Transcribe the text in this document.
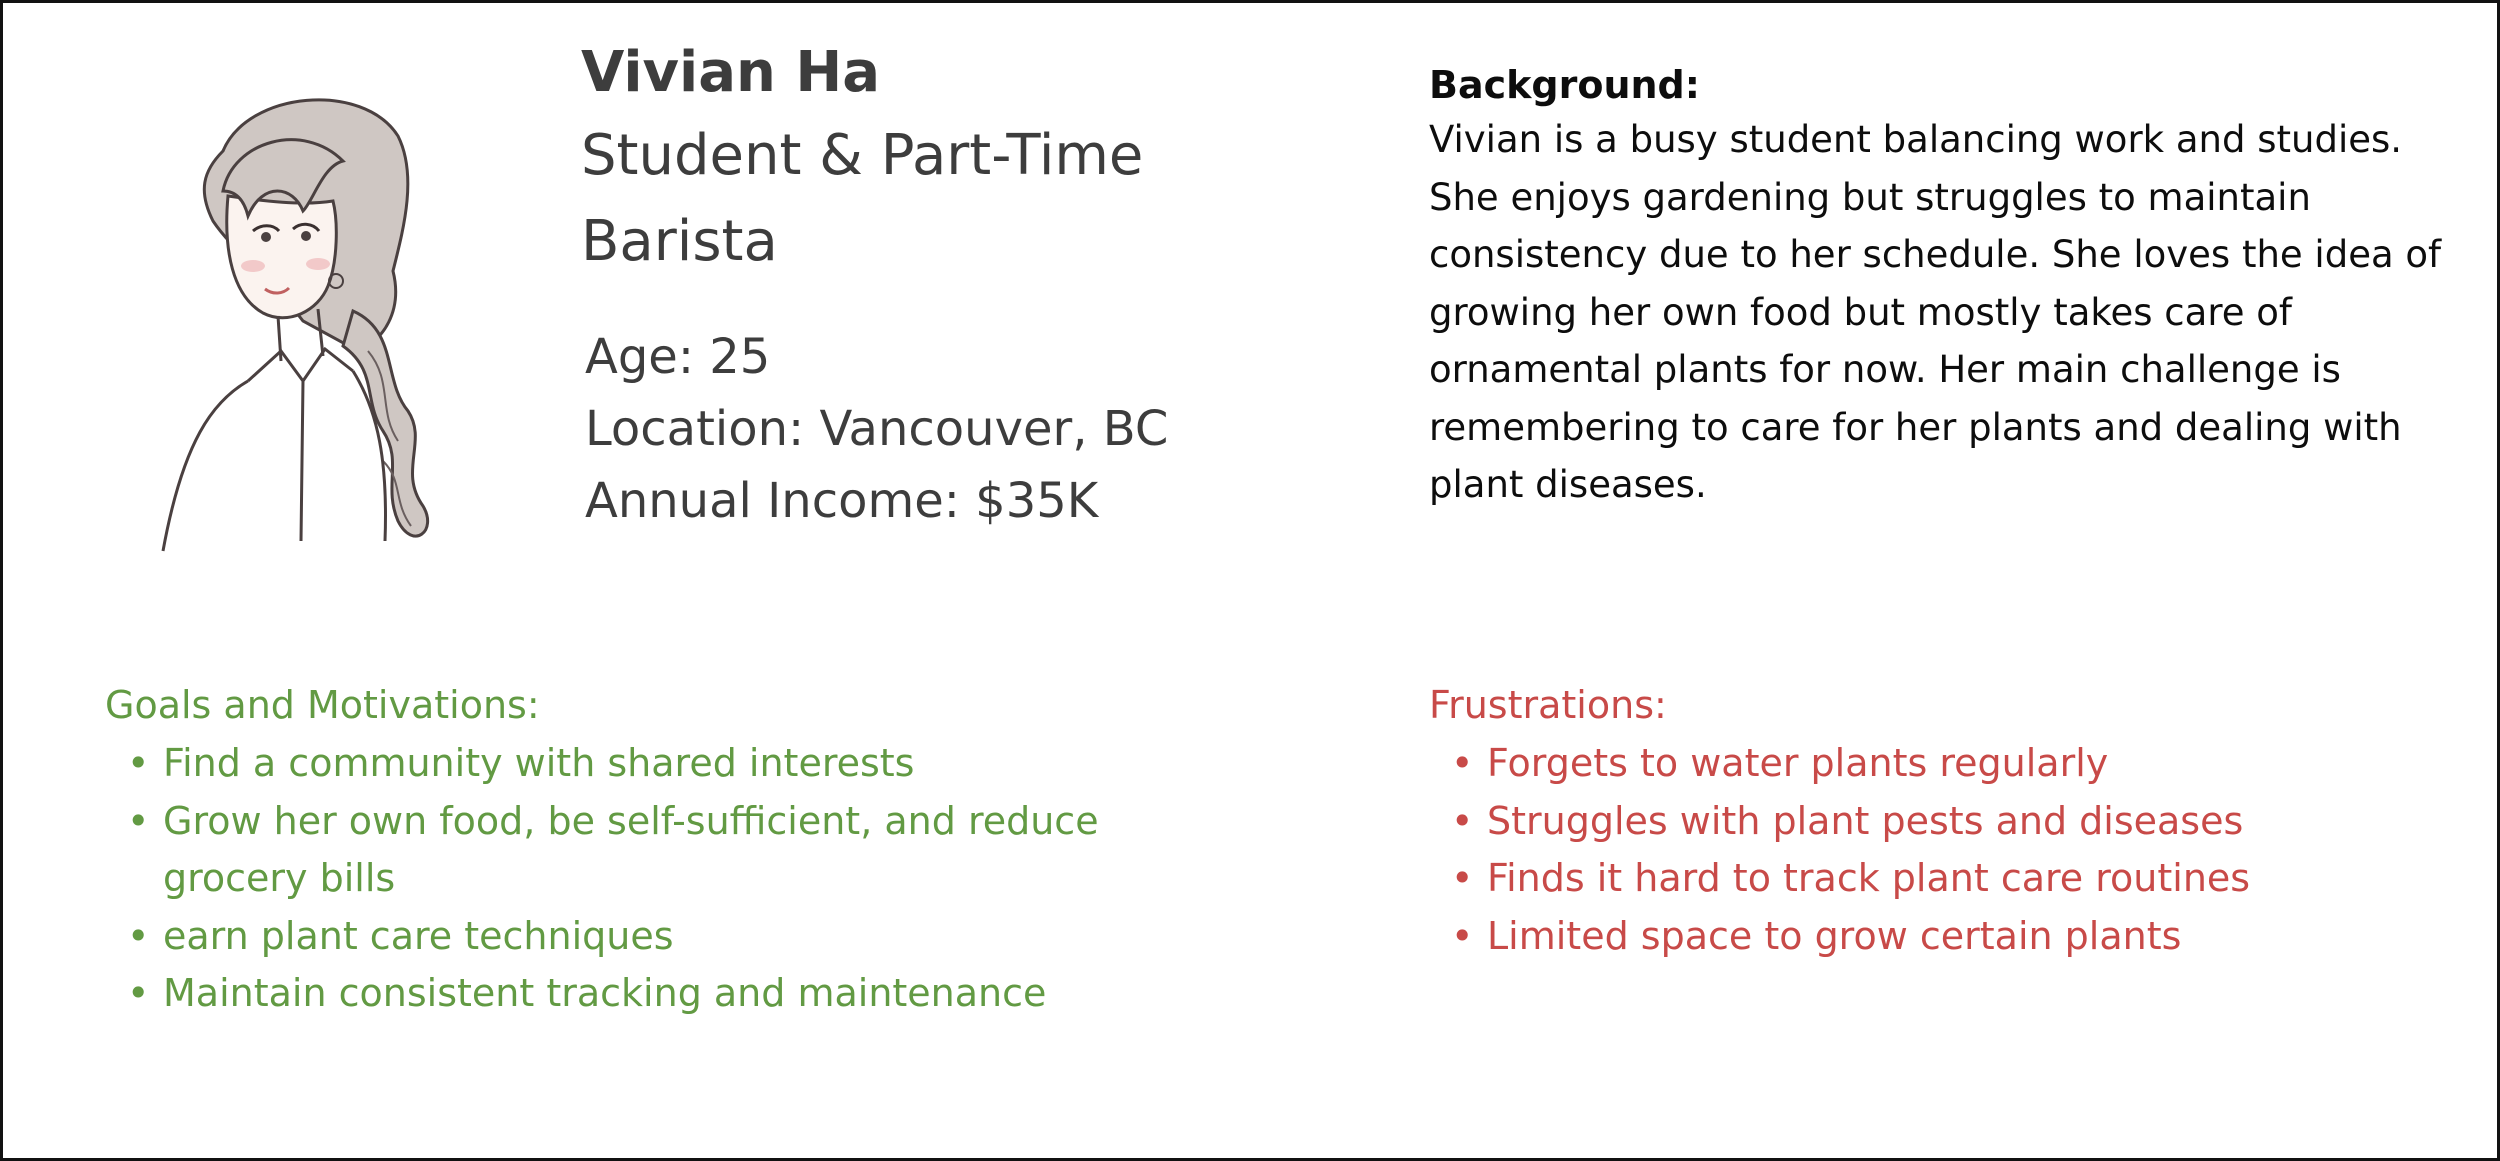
Vivian Ha

Student & Part-Time Barista

Age: 25

Location: Vancouver, BC

Annual Income: $35K

Background:

Vivian is a busy student balancing work and studies. She enjoys gardening but struggles to maintain consistency due to her schedule. She loves the idea of growing her own food but mostly takes care of ornamental plants for now. Her main challenge is remembering to care for her plants and dealing with plant diseases.

Goals and Motivations:

• Find a community with shared interests
• Grow her own food, be self-sufficient, and reduce grocery bills
• earn plant care techniques
• Maintain consistent tracking and maintenance

Frustrations:

• Forgets to water plants regularly
• Struggles with plant pests and diseases
• Finds it hard to track plant care routines
• Limited space to grow certain plants
